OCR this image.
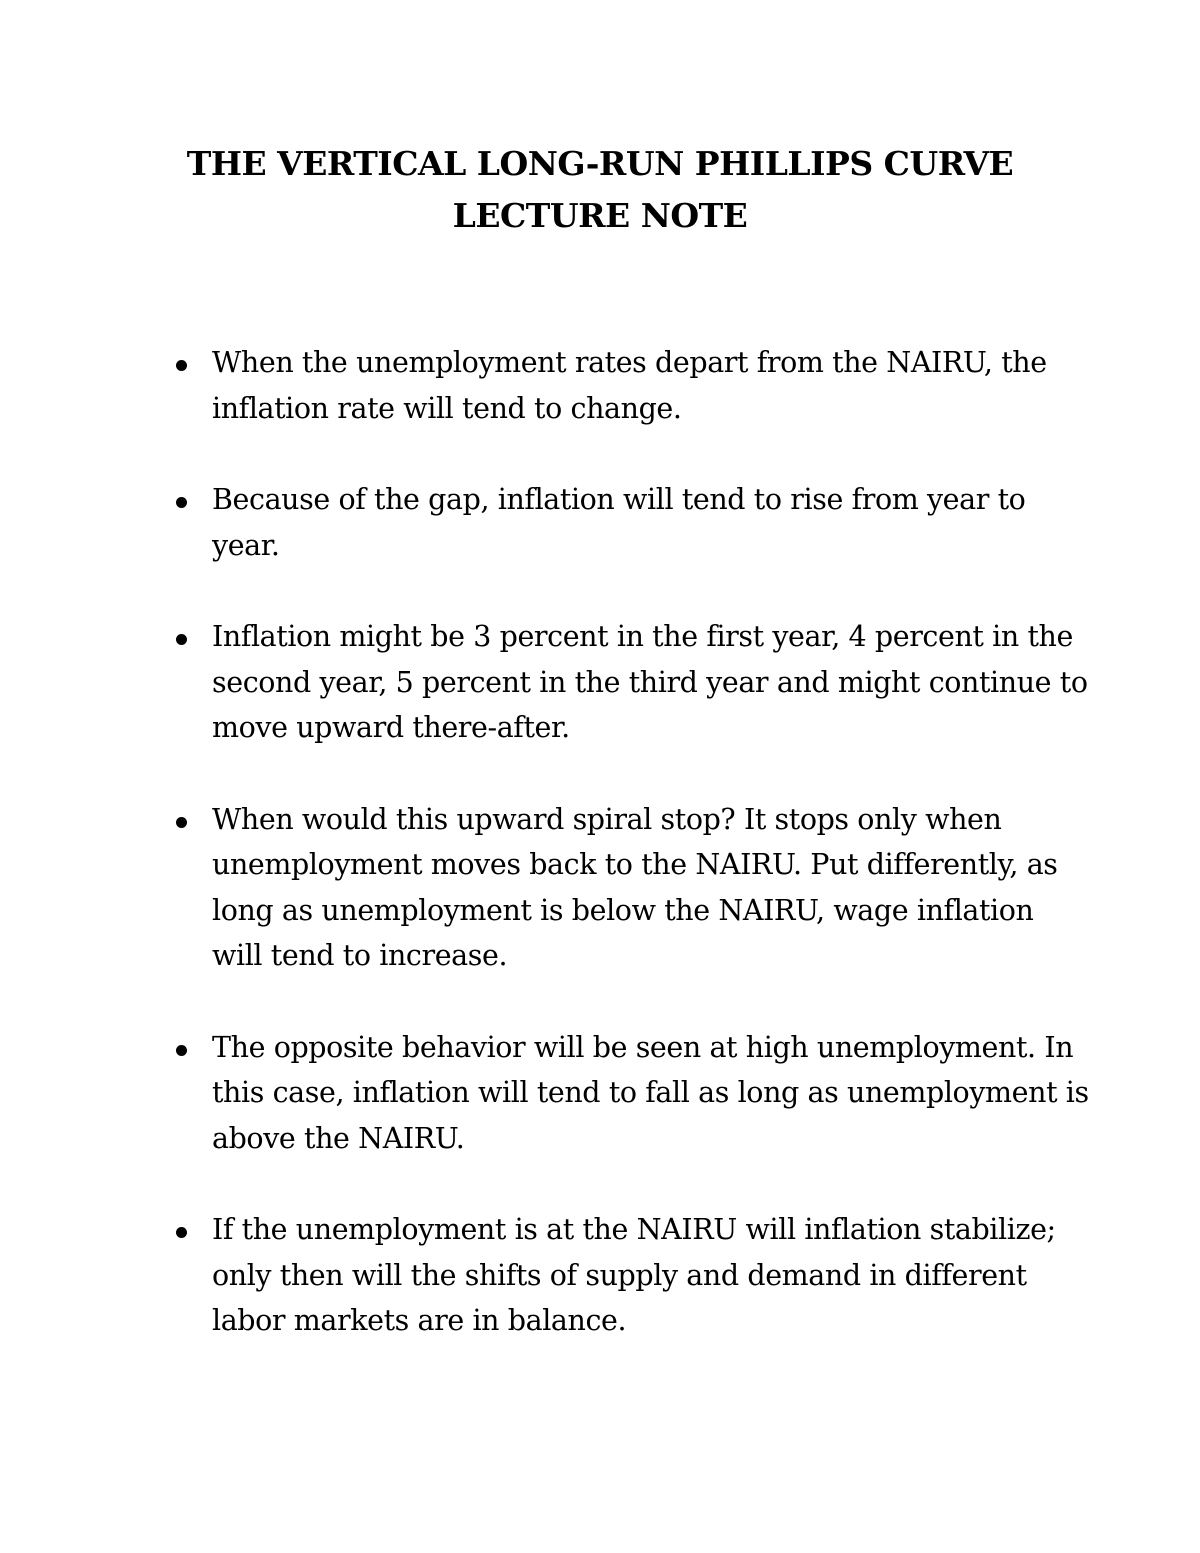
THE VERTICAL LONG-RUN PHILLIPS CURVE
LECTURE NOTE
When the unemployment rates depart from the NAIRU, the inflation rate will tend to change.
Because of the gap, inflation will tend to rise from year to year.
Inflation might be 3 percent in the first year, 4 percent in the second year, 5 percent in the third year and might continue to move upward there-after.
When would this upward spiral stop? It stops only when unemployment moves back to the NAIRU. Put differently, as long as unemployment is below the NAIRU, wage inflation will tend to increase.
The opposite behavior will be seen at high unemployment. In this case, inflation will tend to fall as long as unemployment is above the NAIRU.
If the unemployment is at the NAIRU will inflation stabilize; only then will the shifts of supply and demand in different labor markets are in balance.
